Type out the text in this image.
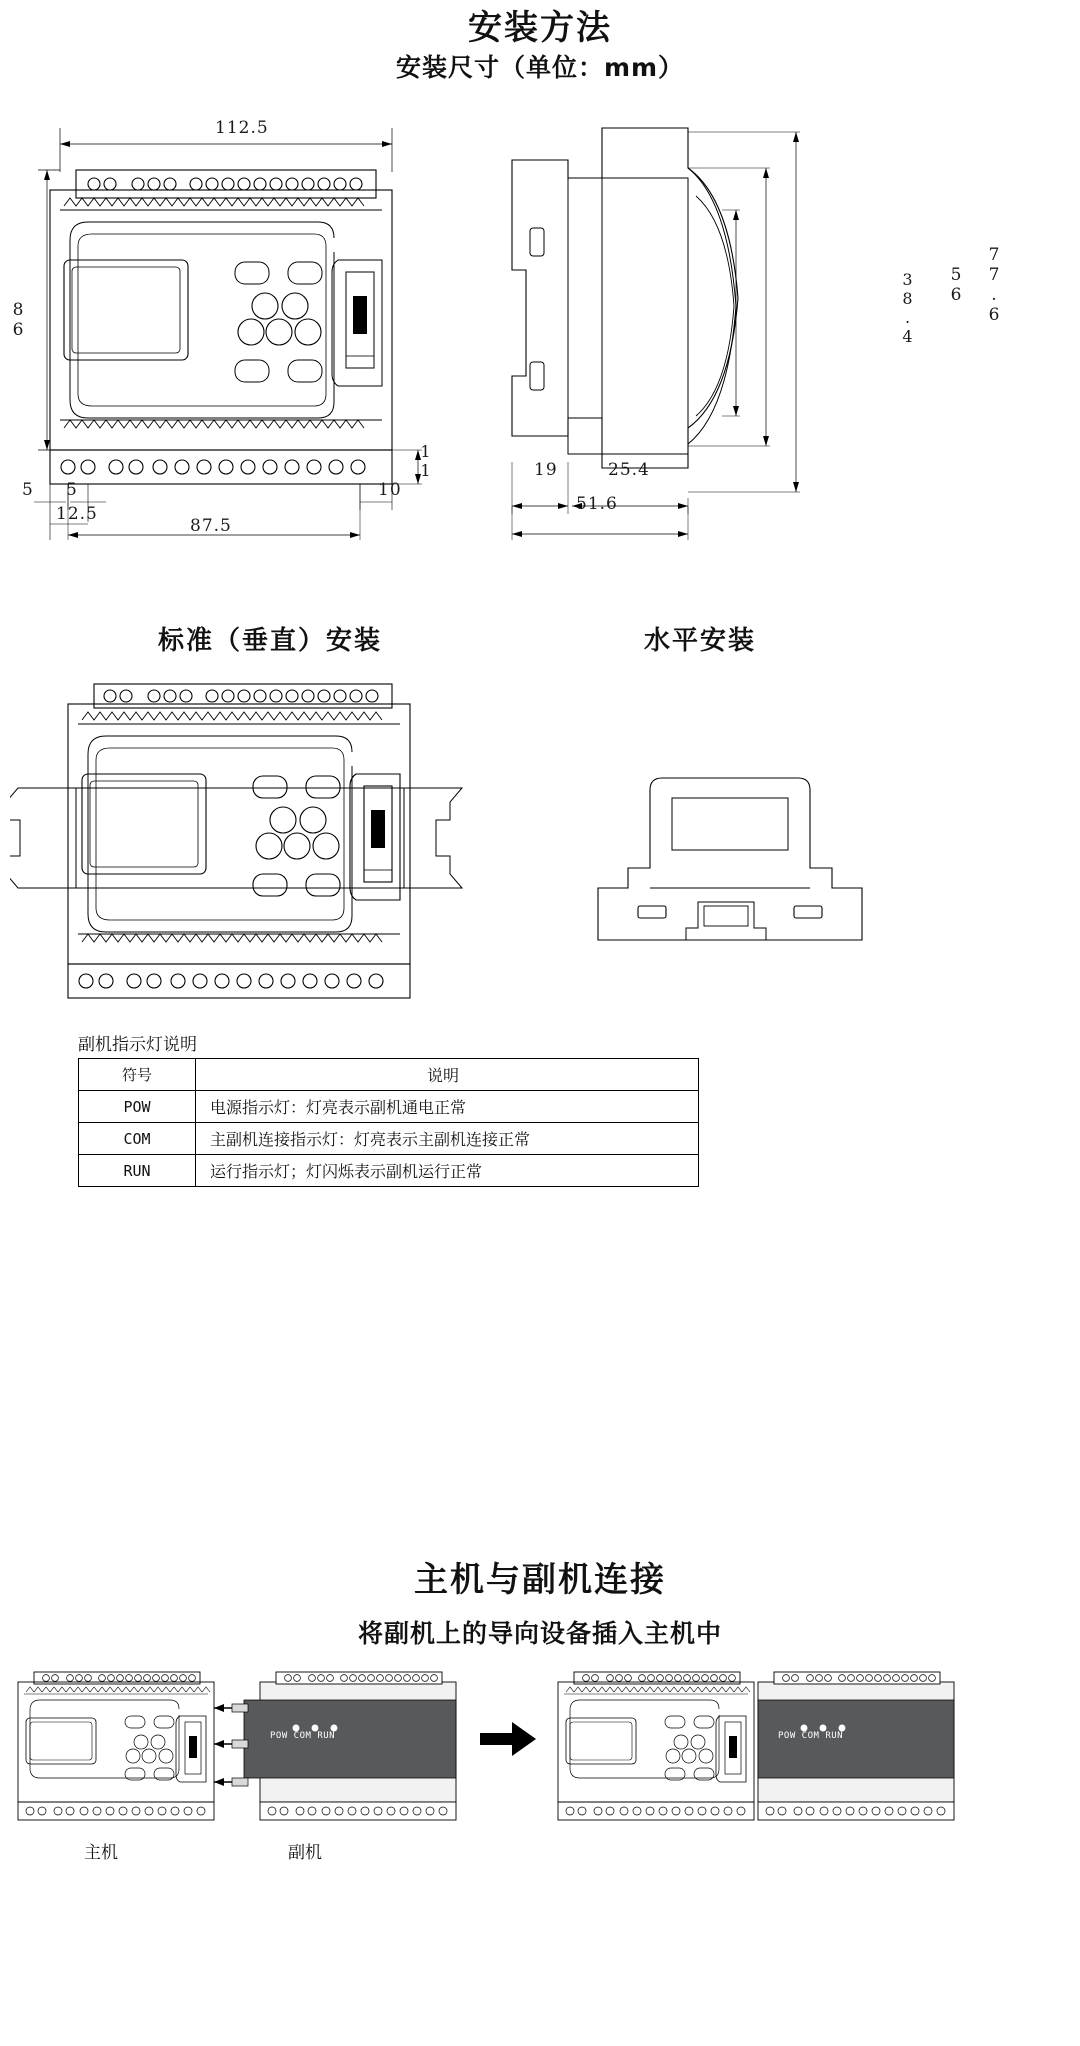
安装方法
安装尺寸（单位：mm）
112.5
86
5 5
12.5
10
11
87.5
38.4 56 77.6
19	25.4
51.6
标准（垂直）安装	水平安装
副机指示灯说明
符号	说明
POW	电源指示灯：灯亮表示副机通电正常
COM	主副机连接指示灯：灯亮表示主副机连接正常
RUN	运行指示灯；灯闪烁表示副机运行正常
主机与副机连接
将副机上的导向设备插入主机中
POW COM RUN	POW COM RUN
主机	副机
